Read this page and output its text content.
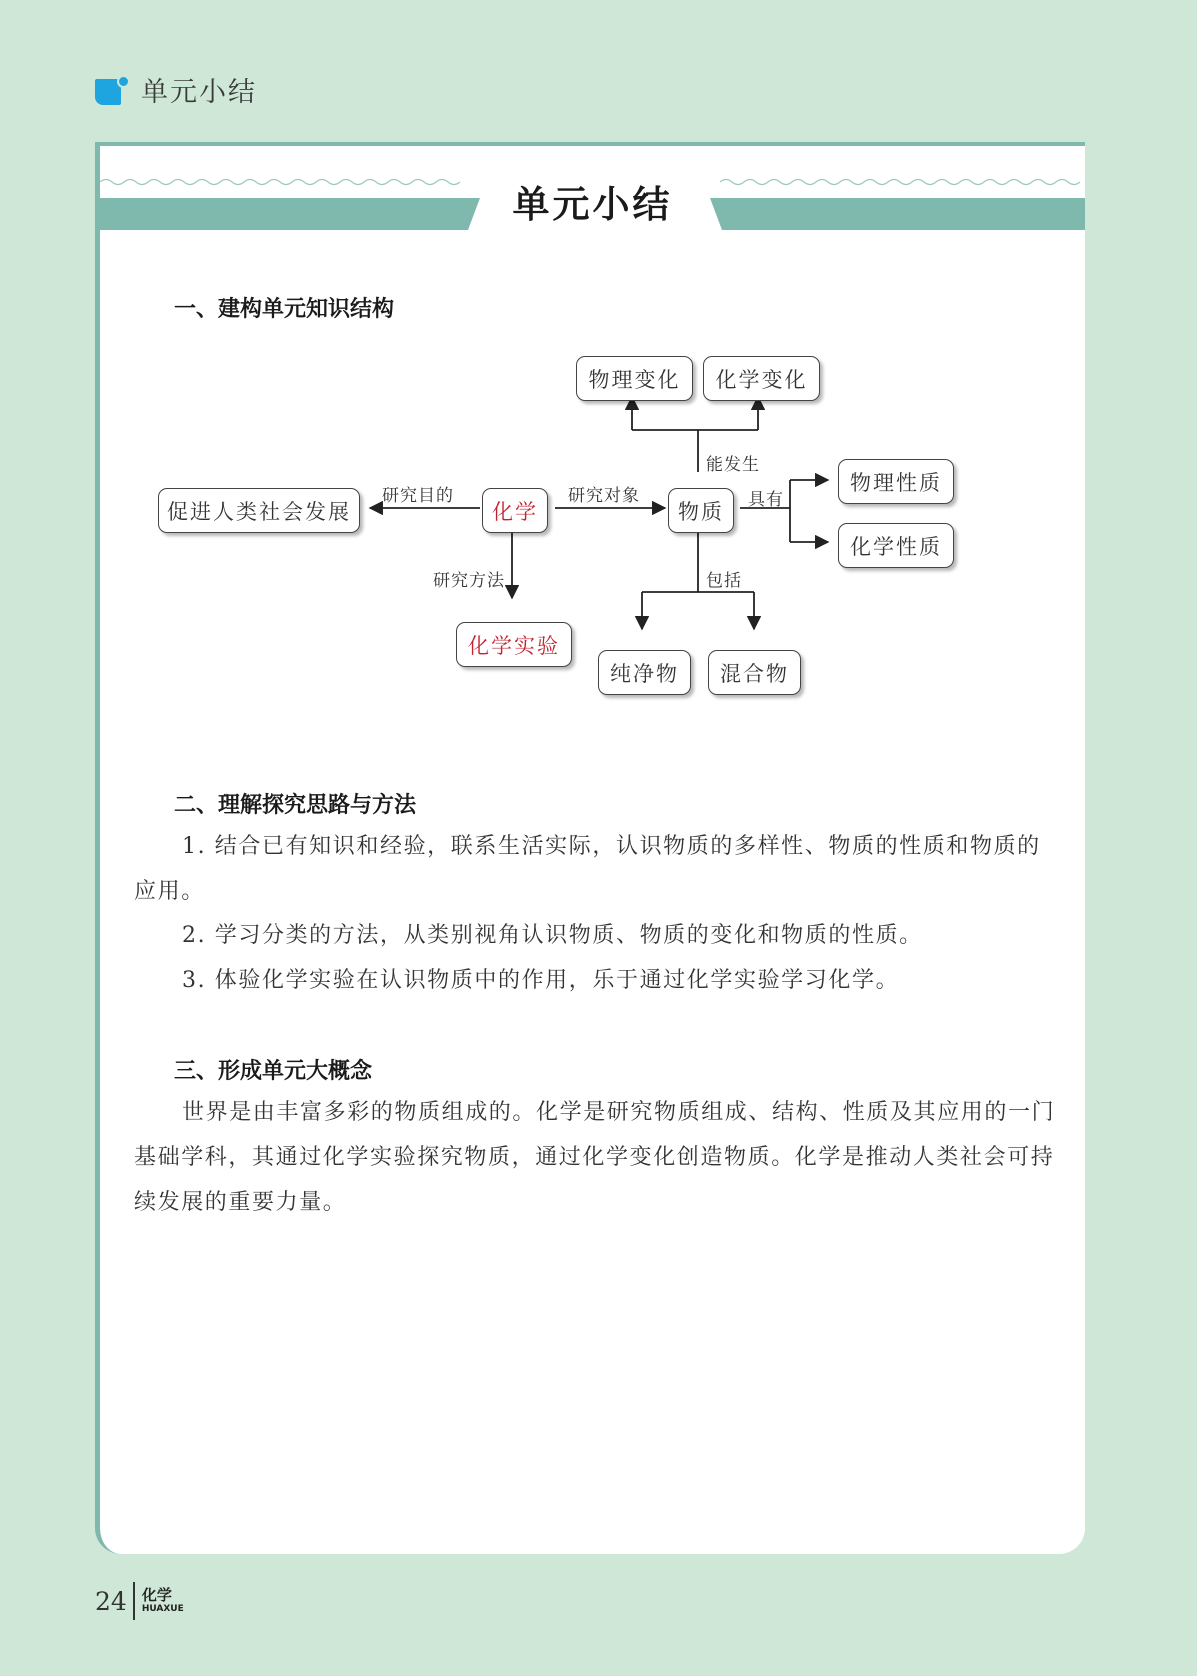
单元小结
单元小结
一、建构单元知识结构
物理变化	化学变化
促进人类社会发展	化学	物质
物理性质
化学性质
化学实验
纯净物	混合物
能发生
研究目的	研究对象	具有
研究方法	包括
二、理解探究思路与方法

1. 结合已有知识和经验，联系生活实际，认识物质的多样性、物质的性质和物质的应用。

2. 学习分类的方法，从类别视角认识物质、物质的变化和物质的性质。

3. 体验化学实验在认识物质中的作用，乐于通过化学实验学习化学。

三、形成单元大概念

世界是由丰富多彩的物质组成的。化学是研究物质组成、结构、性质及其应用的一门基础学科，其通过化学实验探究物质，通过化学变化创造物质。化学是推动人类社会可持续发展的重要力量。

24 化学
HUAXUE
